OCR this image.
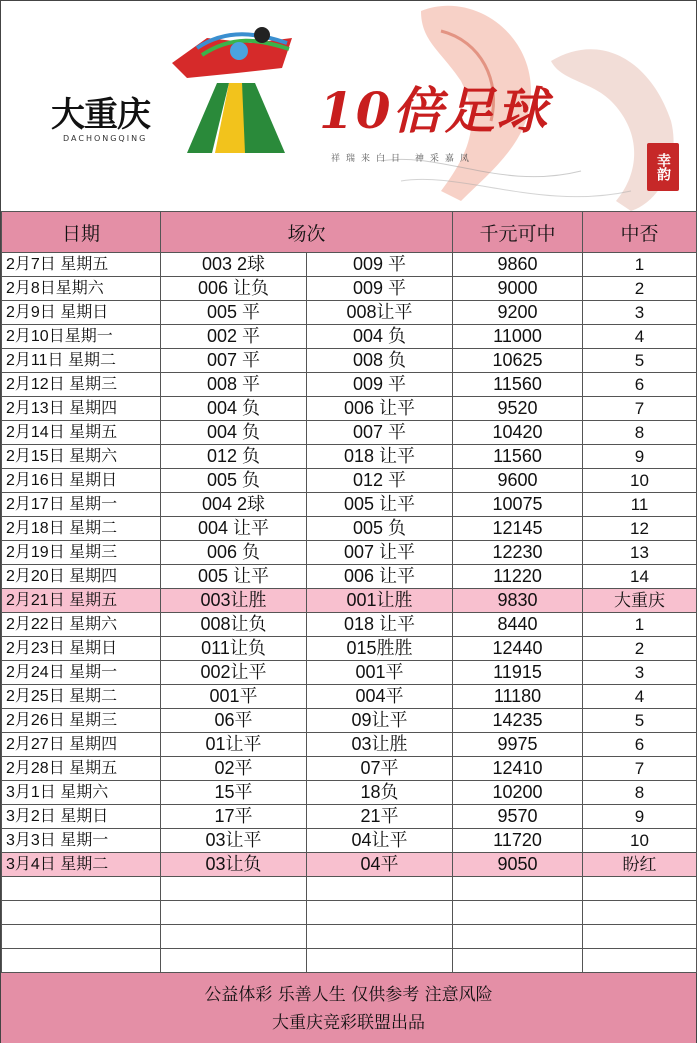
大重庆
DACHONGQING	10倍足球
祥瑞来白日 神采嘉凤	幸韵
日期	场次		千元可中	中否
2月7日 星期五	003 2球	009 平	9860	1
2月8日星期六	006 让负	009 平	9000	2
2月9日 星期日	005 平	008让平	9200	3
2月10日星期一	002 平	004 负	11000	4
2月11日 星期二	007 平	008 负	10625	5
2月12日 星期三	008 平	009 平	11560	6
2月13日 星期四	004 负	006 让平	9520	7
2月14日 星期五	004 负	007 平	10420	8
2月15日 星期六	012 负	018 让平	11560	9
2月16日 星期日	005 负	012 平	9600	10
2月17日 星期一	004 2球	005 让平	10075	11
2月18日 星期二	004 让平	005 负	12145	12
2月19日 星期三	006 负	007 让平	12230	13
2月20日 星期四	005 让平	006 让平	11220	14
2月21日 星期五	003让胜	001让胜	9830	大重庆
2月22日 星期六	008让负	018 让平	8440	1
2月23日 星期日	011让负	015胜胜	12440	2
2月24日 星期一	002让平	001平	11915	3
2月25日 星期二	001平	004平	11180	4
2月26日 星期三	06平	09让平	14235	5
2月27日 星期四	01让平	03让胜	9975	6
2月28日 星期五	02平	07平	12410	7
3月1日 星期六	15平	18负	10200	8
3月2日 星期日	17平	21平	9570	9
3月3日 星期一	03让平	04让平	11720	10
3月4日 星期二	03让负	04平	9050	盼红

公益体彩 乐善人生 仅供参考 注意风险
大重庆竞彩联盟出品
